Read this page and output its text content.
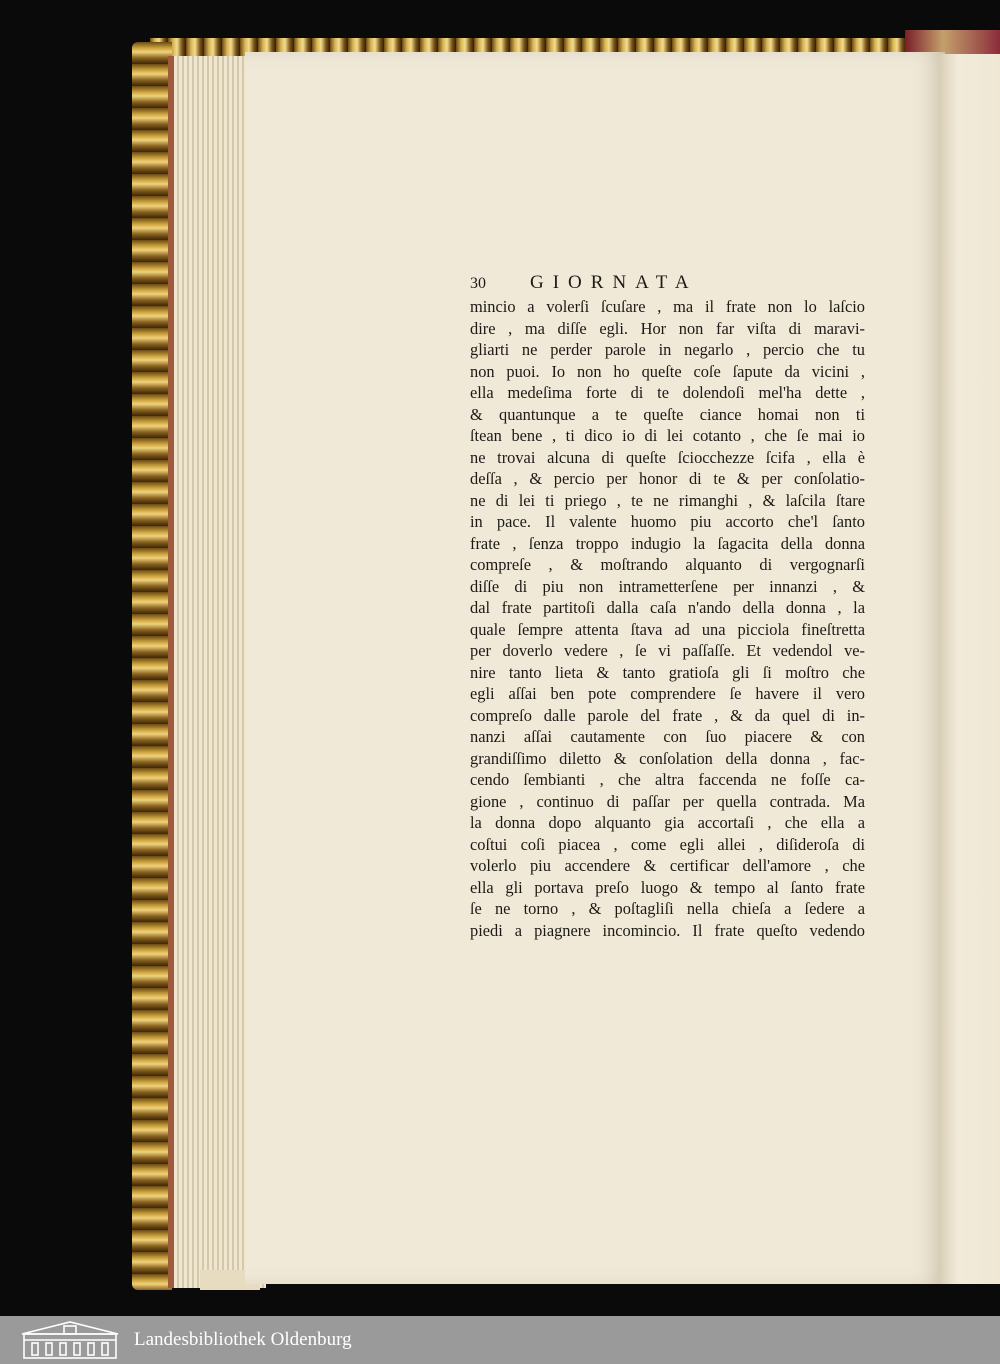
30	GIORNATA
mincio a volerſi ſcuſare , ma il frate non lo laſcio
dire , ma diſſe egli. Hor non far viſta di maravi-
gliarti ne perder parole in negarlo , percio che tu
non puoi. Io non ho queſte coſe ſapute da vicini ,
ella medeſima forte di te dolendoſi mel'ha dette ,
& quantunque a te queſte ciance homai non ti
ſtean bene , ti dico io di lei cotanto , che ſe mai io
ne trovai alcuna di queſte ſciocchezze ſcifa , ella è
deſſa , & percio per honor di te & per conſolatio-
ne di lei ti priego , te ne rimanghi , & laſcila ſtare
in pace. Il valente huomo piu accorto che'l ſanto
frate , ſenza troppo indugio la ſagacita della donna
compreſe , & moſtrando alquanto di vergognarſi
diſſe di piu non intrametterſene per innanzi , &
dal frate partitoſi dalla caſa n'ando della donna , la
quale ſempre attenta ſtava ad una picciola fineſtretta
per doverlo vedere , ſe vi paſſaſſe. Et vedendol ve-
nire tanto lieta & tanto gratioſa gli ſi moſtro che
egli aſſai ben pote comprendere ſe havere il vero
compreſo dalle parole del frate , & da quel di in-
nanzi aſſai cautamente con ſuo piacere & con
grandiſſimo diletto & conſolation della donna , fac-
cendo ſembianti , che altra faccenda ne foſſe ca-
gione , continuo di paſſar per quella contrada. Ma
la donna dopo alquanto gia accortaſi , che ella a
coſtui coſi piacea , come egli allei , diſideroſa di
volerlo piu accendere & certificar dell'amore , che
ella gli portava preſo luogo & tempo al ſanto frate
ſe ne torno , & poſtagliſi nella chieſa a ſedere a
piedi a piagnere incomincio. Il frate queſto vedendo
Landesbibliothek Oldenburg
